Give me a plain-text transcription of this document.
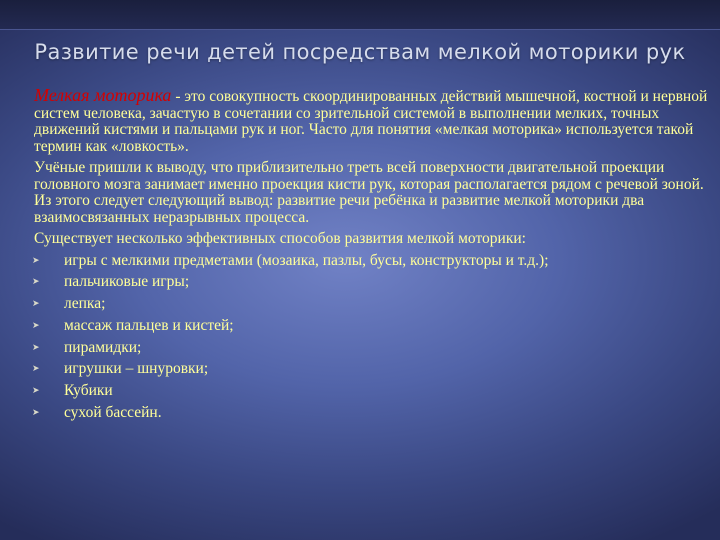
Развитие речи детей посредствам мелкой моторики рук

Мелкая моторика - это совокупность скоординированных действий мышечной, костной и нервной систем человека, зачастую в сочетании со зрительной системой в выполнении мелких, точных движений кистями и пальцами рук и ног. Часто для понятия «мелкая моторика» используется такой термин как «ловкость».

Учёные пришли к выводу, что приблизительно треть всей поверхности двигательной проекции головного мозга занимает именно проекция кисти рук, которая располагается рядом с речевой зоной. Из этого следует следующий вывод: развитие речи ребёнка и развитие мелкой моторики два взаимосвязанных неразрывных процесса.

Существует несколько эффективных способов развития мелкой моторики:

➤ игры с мелкими предметами (мозаика, пазлы, бусы, конструкторы и т.д.);
➤ пальчиковые игры;
➤ лепка;
➤ массаж пальцев и кистей;
➤ пирамидки;
➤ игрушки – шнуровки;
➤ Кубики
➤ сухой бассейн.
